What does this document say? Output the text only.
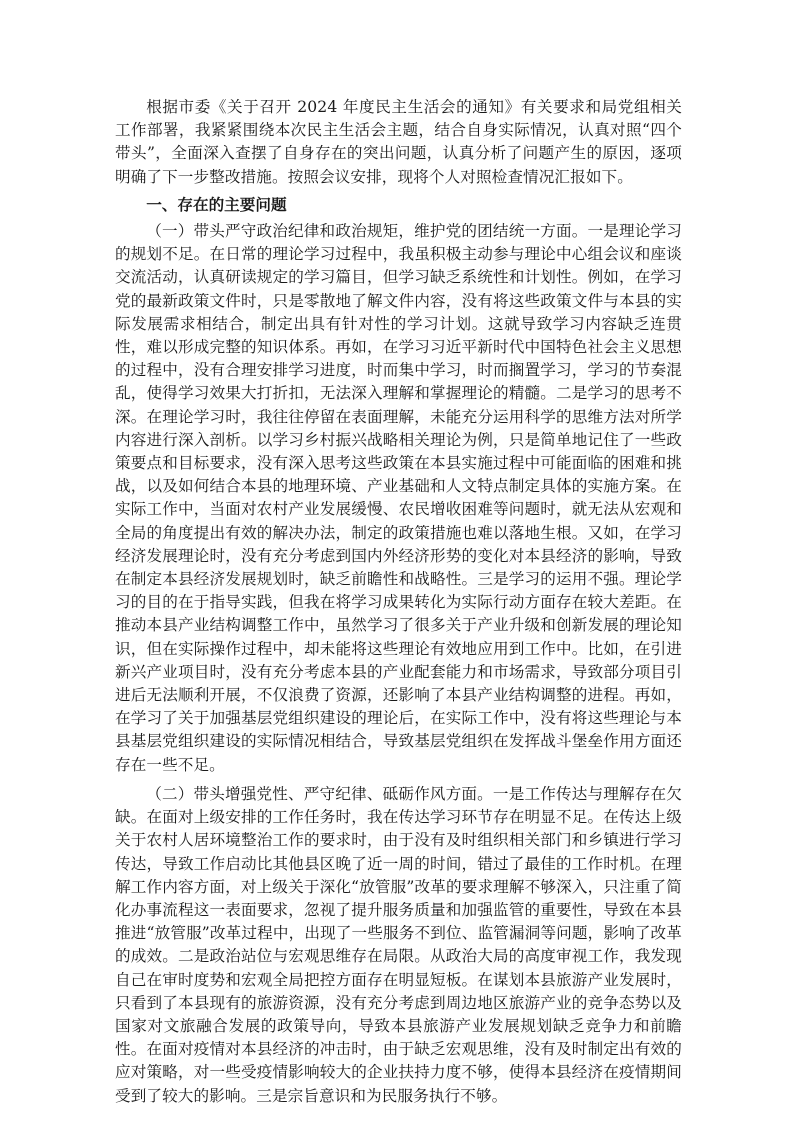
根据市委《关于召开 2024 年度民主生活会的通知》有关要求和局党组相关工作部署，我紧紧围绕本次民主生活会主题，结合自身实际情况，认真对照“四个带头”，全面深入查摆了自身存在的突出问题，认真分析了问题产生的原因，逐项明确了下一步整改措施。按照会议安排，现将个人对照检查情况汇报如下。

一、存在的主要问题

（一）带头严守政治纪律和政治规矩，维护党的团结统一方面。一是理论学习的规划不足。在日常的理论学习过程中，我虽积极主动参与理论中心组会议和座谈交流活动，认真研读规定的学习篇目，但学习缺乏系统性和计划性。例如，在学习党的最新政策文件时，只是零散地了解文件内容，没有将这些政策文件与本县的实际发展需求相结合，制定出具有针对性的学习计划。这就导致学习内容缺乏连贯性，难以形成完整的知识体系。再如，在学习习近平新时代中国特色社会主义思想的过程中，没有合理安排学习进度，时而集中学习，时而搁置学习，学习的节奏混乱，使得学习效果大打折扣，无法深入理解和掌握理论的精髓。二是学习的思考不深。在理论学习时，我往往停留在表面理解，未能充分运用科学的思维方法对所学内容进行深入剖析。以学习乡村振兴战略相关理论为例，只是简单地记住了一些政策要点和目标要求，没有深入思考这些政策在本县实施过程中可能面临的困难和挑战，以及如何结合本县的地理环境、产业基础和人文特点制定具体的实施方案。在实际工作中，当面对农村产业发展缓慢、农民增收困难等问题时，就无法从宏观和全局的角度提出有效的解决办法，制定的政策措施也难以落地生根。又如，在学习经济发展理论时，没有充分考虑到国内外经济形势的变化对本县经济的影响，导致在制定本县经济发展规划时，缺乏前瞻性和战略性。三是学习的运用不强。理论学习的目的在于指导实践，但我在将学习成果转化为实际行动方面存在较大差距。在推动本县产业结构调整工作中，虽然学习了很多关于产业升级和创新发展的理论知识，但在实际操作过程中，却未能将这些理论有效地应用到工作中。比如，在引进新兴产业项目时，没有充分考虑本县的产业配套能力和市场需求，导致部分项目引进后无法顺利开展，不仅浪费了资源，还影响了本县产业结构调整的进程。再如，在学习了关于加强基层党组织建设的理论后，在实际工作中，没有将这些理论与本县基层党组织建设的实际情况相结合，导致基层党组织在发挥战斗堡垒作用方面还存在一些不足。

（二）带头增强党性、严守纪律、砥砺作风方面。一是工作传达与理解存在欠缺。在面对上级安排的工作任务时，我在传达学习环节存在明显不足。在传达上级关于农村人居环境整治工作的要求时，由于没有及时组织相关部门和乡镇进行学习传达，导致工作启动比其他县区晚了近一周的时间，错过了最佳的工作时机。在理解工作内容方面，对上级关于深化“放管服”改革的要求理解不够深入，只注重了简化办事流程这一表面要求，忽视了提升服务质量和加强监管的重要性，导致在本县推进“放管服”改革过程中，出现了一些服务不到位、监管漏洞等问题，影响了改革的成效。二是政治站位与宏观思维存在局限。从政治大局的高度审视工作，我发现自己在审时度势和宏观全局把控方面存在明显短板。在谋划本县旅游产业发展时，只看到了本县现有的旅游资源，没有充分考虑到周边地区旅游产业的竞争态势以及国家对文旅融合发展的政策导向，导致本县旅游产业发展规划缺乏竞争力和前瞻性。在面对疫情对本县经济的冲击时，由于缺乏宏观思维，没有及时制定出有效的应对策略，对一些受疫情影响较大的企业扶持力度不够，使得本县经济在疫情期间受到了较大的影响。三是宗旨意识和为民服务执行不够。
